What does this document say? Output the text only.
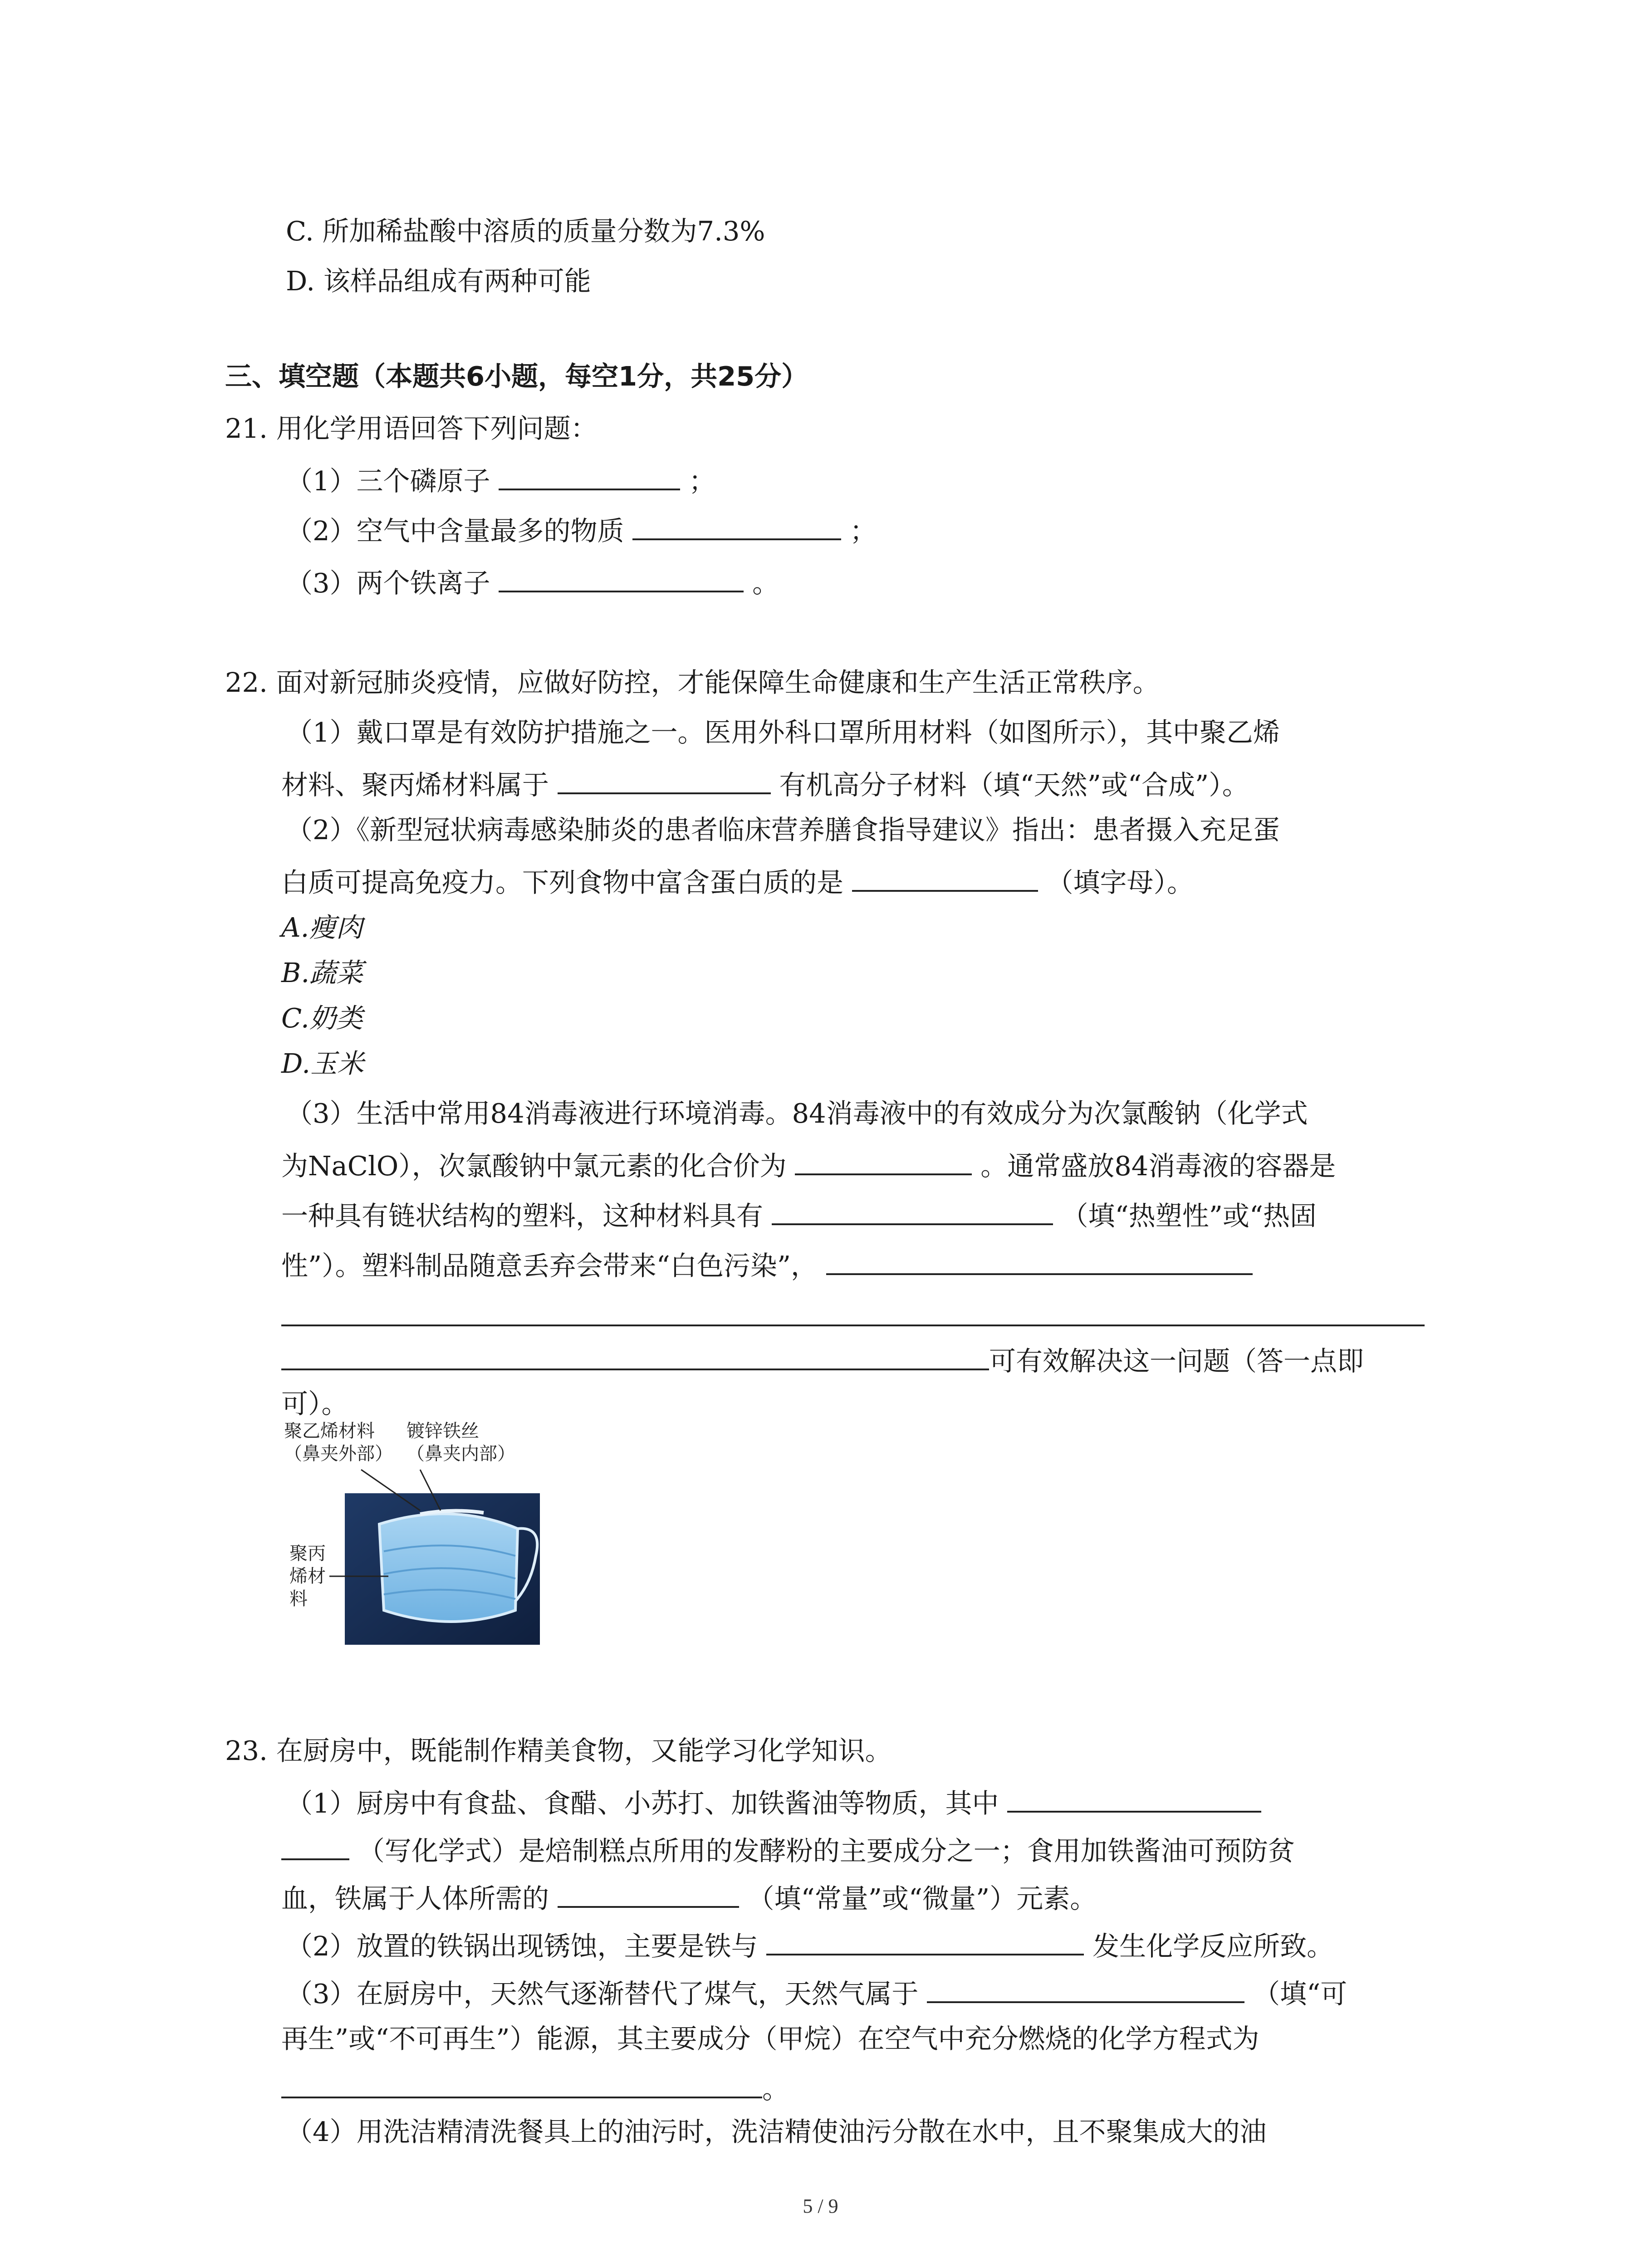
C. 所加稀盐酸中溶质的质量分数为7.3%
D. 该样品组成有两种可能
三、填空题（本题共6小题，每空1分，共25分）
21. 用化学用语回答下列问题：
（1）三个磷原子	；
（2）空气中含量最多的物质	；
（3）两个铁离子	。
22. 面对新冠肺炎疫情，应做好防控，才能保障生命健康和生产生活正常秩序。
（1）戴口罩是有效防护措施之一。医用外科口罩所用材料（如图所示），其中聚乙烯
材料、聚丙烯材料属于	有机高分子材料（填“天然”或“合成”）。
（2）《新型冠状病毒感染肺炎的患者临床营养膳食指导建议》指出：患者摄入充足蛋
白质可提高免疫力。下列食物中富含蛋白质的是	（填字母）。
A.瘦肉
B.蔬菜
C.奶类
D.玉米
（3）生活中常用84消毒液进行环境消毒。84消毒液中的有效成分为次氯酸钠（化学式
为NaClO），次氯酸钠中氯元素的化合价为	。通常盛放84消毒液的容器是
一种具有链状结构的塑料，这种材料具有	（填“热塑性”或“热固
性”）。塑料制品随意丢弃会带来“白色污染”，
可有效解决这一问题（答一点即
可）。
聚乙烯材料
（鼻夹外部）
镀锌铁丝
（鼻夹内部）
聚丙
烯材
料
23. 在厨房中，既能制作精美食物，又能学习化学知识。
（1）厨房中有食盐、食醋、小苏打、加铁酱油等物质，其中
（写化学式）是焙制糕点所用的发酵粉的主要成分之一；食用加铁酱油可预防贫
血，铁属于人体所需的	（填“常量”或“微量”）元素。
（2）放置的铁锅出现锈蚀，主要是铁与	发生化学反应所致。
（3）在厨房中，天然气逐渐替代了煤气，天然气属于	（填“可
再生”或“不可再生”）能源，其主要成分（甲烷）在空气中充分燃烧的化学方程式为
。
（4）用洗洁精清洗餐具上的油污时，洗洁精使油污分散在水中，且不聚集成大的油
5 / 9
